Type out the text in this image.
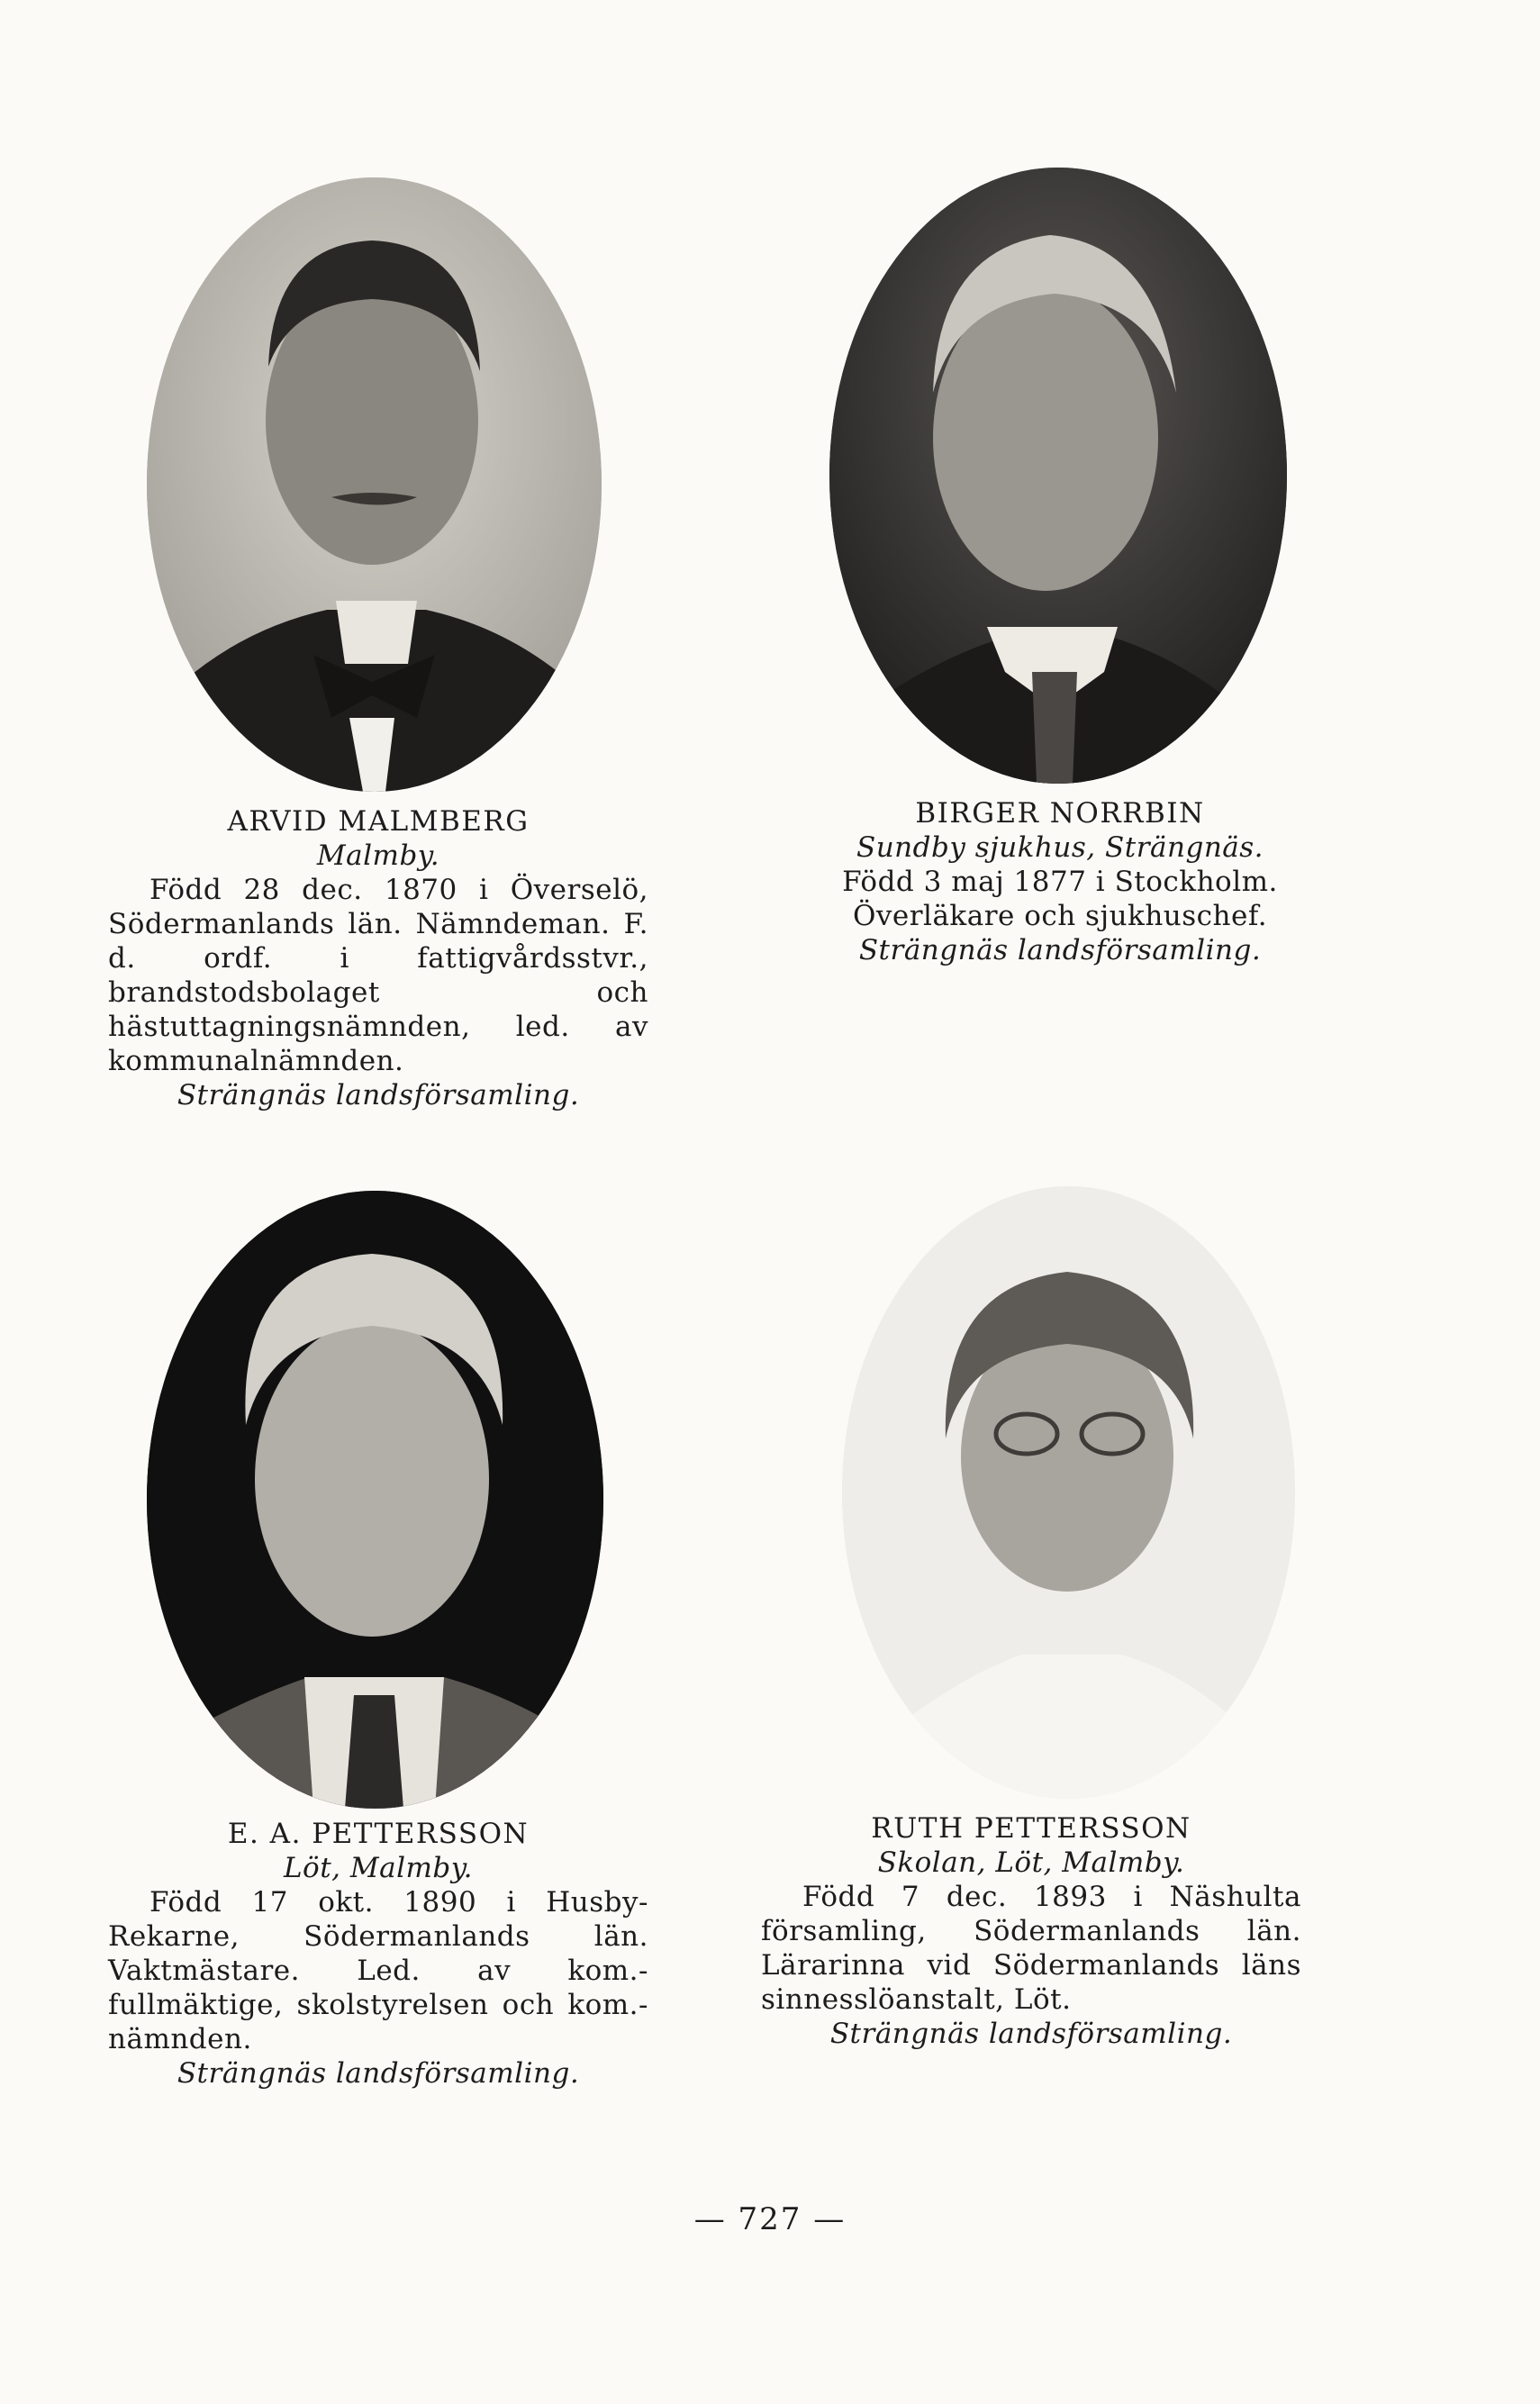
ARVID MALMBERG
Malmby.
Född 28 dec. 1870 i Överselö, Södermanlands län. Nämndeman. F. d. ordf. i fattigvårdsstvr., brandstodsbolaget och hästuttagningsnämnden, led. av kommunalnämnden.
Strängnäs landsförsamling.
BIRGER NORRBIN
Sundby sjukhus, Strängnäs.
Född 3 maj 1877 i Stockholm. Överläkare och sjukhuschef.
Strängnäs landsförsamling.
E. A. PETTERSSON
Löt, Malmby.
Född 17 okt. 1890 i Husby-Rekarne, Södermanlands län. Vaktmästare. Led. av kom.-fullmäktige, skolstyrelsen och kom.-nämnden.
Strängnäs landsförsamling.
RUTH PETTERSSON
Skolan, Löt, Malmby.
Född 7 dec. 1893 i Näshulta församling, Södermanlands län. Lärarinna vid Södermanlands läns sinnesslöanstalt, Löt.
Strängnäs landsförsamling.
— 727 —
